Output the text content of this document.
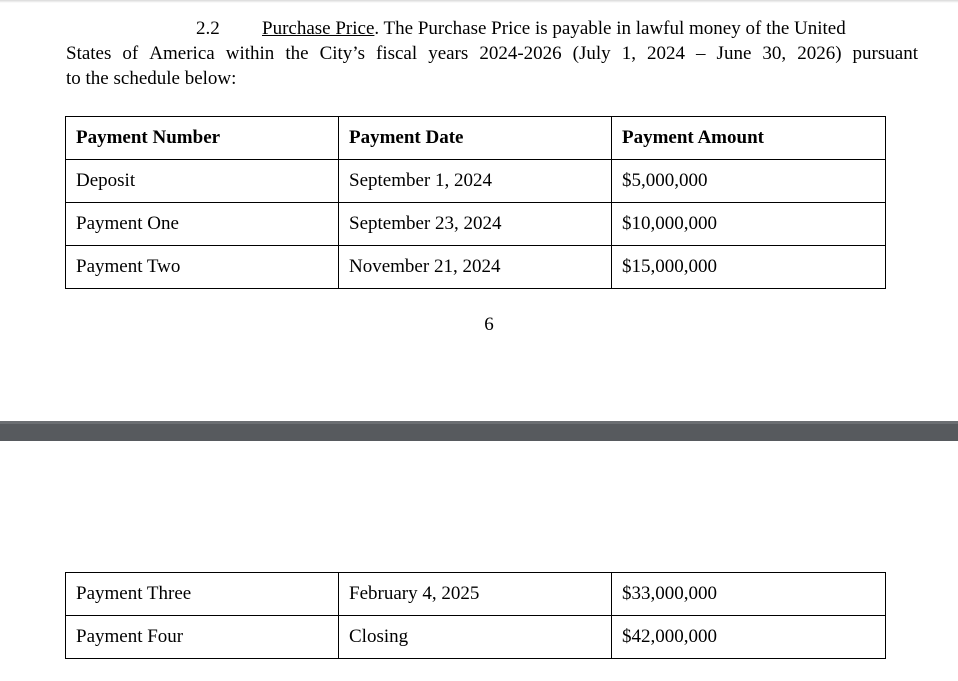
2.2 Purchase Price. The Purchase Price is payable in lawful money of the United
States of America within the City’s fiscal years 2024-2026 (July 1, 2024 – June 30, 2026) pursuant
to the schedule below:
Payment Number	Payment Date	Payment Amount
Deposit	September 1, 2024	$5,000,000
Payment One	September 23, 2024	$10,000,000
Payment Two	November 21, 2024	$15,000,000
6
Payment Three	February 4, 2025	$33,000,000
Payment Four	Closing	$42,000,000
